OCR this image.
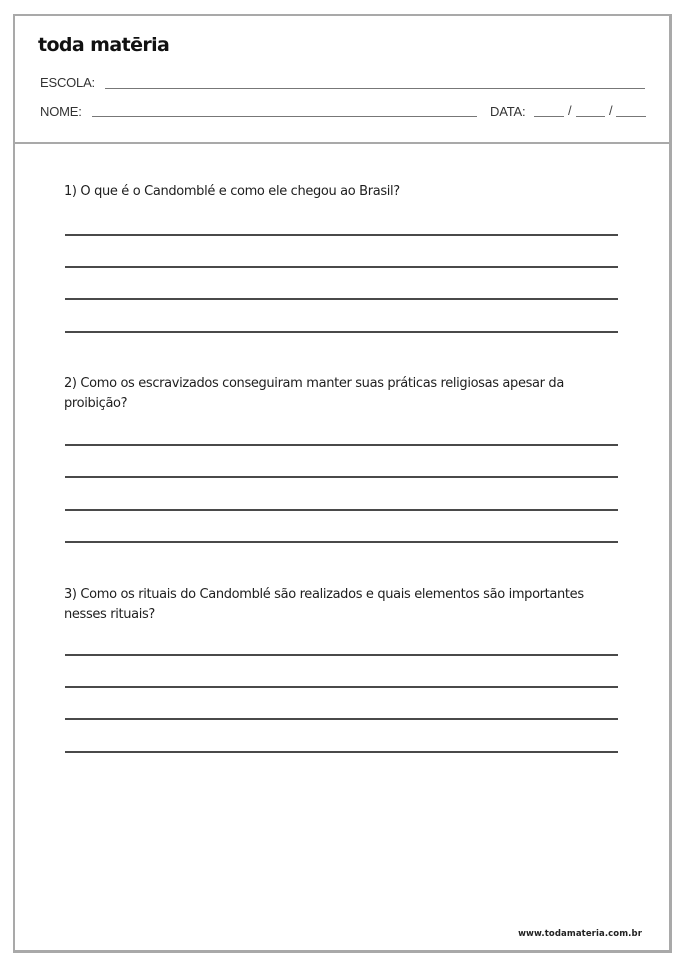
toda matēria
ESCOLA:
NOME:	DATA:	/	/
1) O que é o Candomblé e como ele chegou ao Brasil?
2) Como os escravizados conseguiram manter suas práticas religiosas apesar da proibição?
3) Como os rituais do Candomblé são realizados e quais elementos são importantes nesses rituais?
www.todamateria.com.br
